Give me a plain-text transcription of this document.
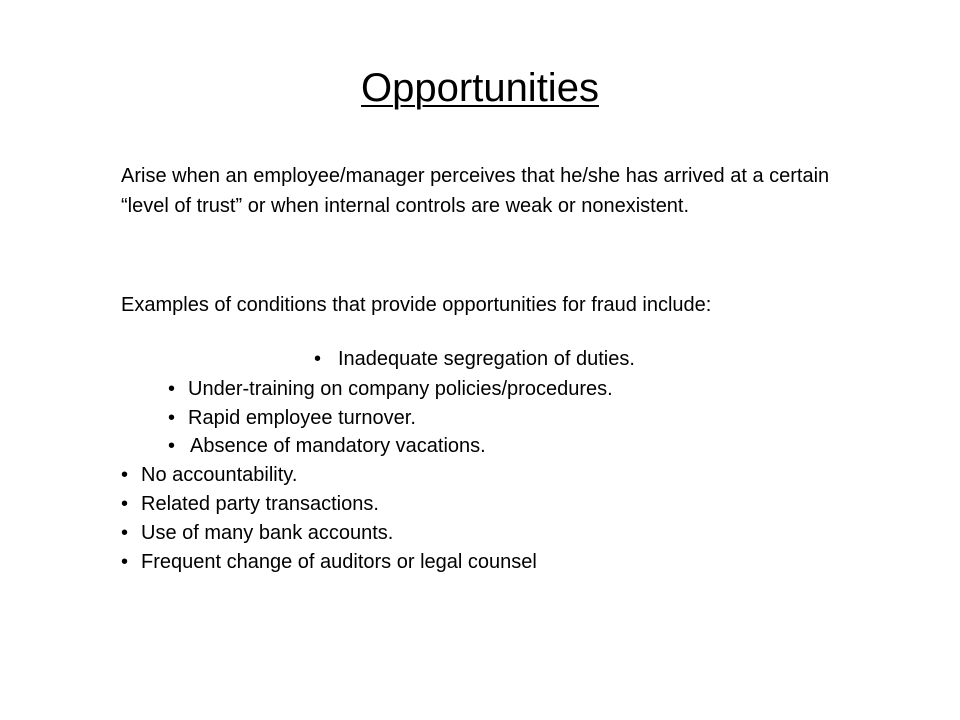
Opportunities
Arise when an employee/manager perceives that he/she has arrived at a certain “level of trust” or when internal controls are weak or nonexistent.
Examples of conditions that provide opportunities for fraud include:
• Inadequate segregation of duties.
• Under-training on company policies/procedures.
• Rapid employee turnover.
• Absence of mandatory vacations.
• No accountability.
• Related party transactions.
• Use of many bank accounts.
• Frequent change of auditors or legal counsel
